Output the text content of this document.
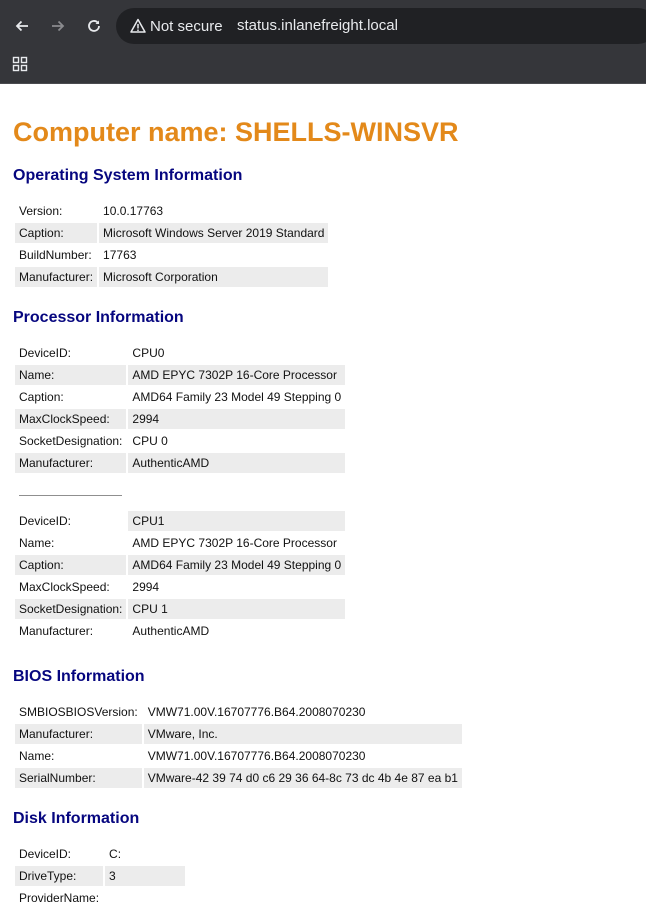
Not secure status.inlanefreight.local
Computer name: SHELLS-WINSVR
Operating System Information
Version:	10.0.17763
Caption:	Microsoft Windows Server 2019 Standard
BuildNumber:	17763
Manufacturer:	Microsoft Corporation
Processor Information
DeviceID:	CPU0
Name:	AMD EPYC 7302P 16-Core Processor
Caption:	AMD64 Family 23 Model 49 Stepping 0
MaxClockSpeed:	2994
SocketDesignation:	CPU 0
Manufacturer:	AuthenticAMD
DeviceID:	CPU1
Name:	AMD EPYC 7302P 16-Core Processor
Caption:	AMD64 Family 23 Model 49 Stepping 0
MaxClockSpeed:	2994
SocketDesignation:	CPU 1
Manufacturer:	AuthenticAMD
BIOS Information
SMBIOSBIOSVersion:	VMW71.00V.16707776.B64.2008070230
Manufacturer:	VMware, Inc.
Name:	VMW71.00V.16707776.B64.2008070230
SerialNumber:	VMware-42 39 74 d0 c6 29 36 64-8c 73 dc 4b 4e 87 ea b1
Disk Information
DeviceID:	C:
DriveType:	3
ProviderName:	
